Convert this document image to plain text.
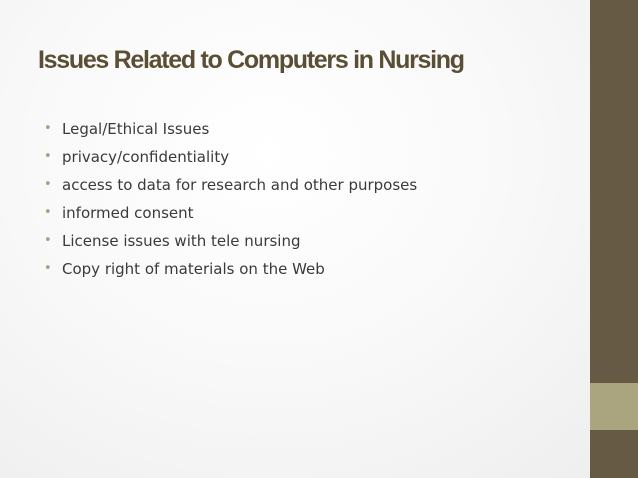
Issues Related to Computers in Nursing
• Legal/Ethical Issues
• privacy/confidentiality
• access to data for research and other purposes
• informed consent
• License issues with tele nursing
• Copy right of materials on the Web
